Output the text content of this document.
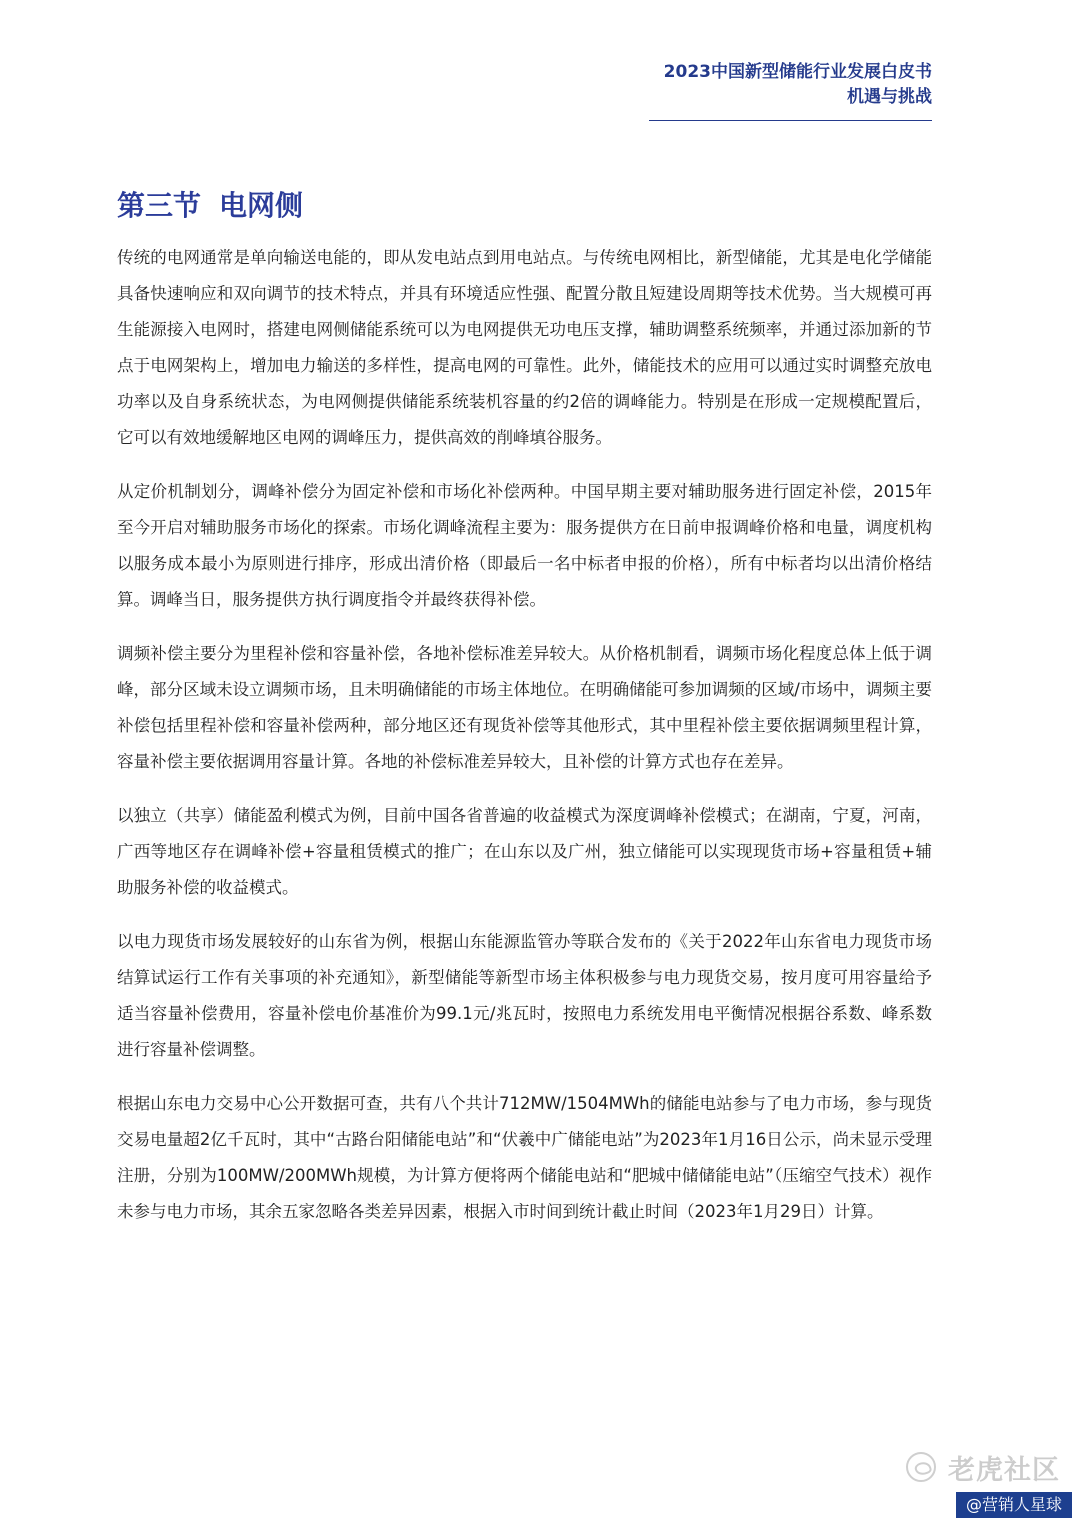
2023中国新型储能行业发展白皮书
机遇与挑战
第三节 电网侧

传统的电网通常是单向输送电能的，即从发电站点到用电站点。与传统电网相比，新型储能，尤其是电化学储能具备快速响应和双向调节的技术特点，并具有环境适应性强、配置分散且短建设周期等技术优势。当大规模可再生能源接入电网时，搭建电网侧储能系统可以为电网提供无功电压支撑，辅助调整系统频率，并通过添加新的节点于电网架构上，增加电力输送的多样性，提高电网的可靠性。此外，储能技术的应用可以通过实时调整充放电功率以及自身系统状态，为电网侧提供储能系统装机容量的约2倍的调峰能力。特别是在形成一定规模配置后，它可以有效地缓解地区电网的调峰压力，提供高效的削峰填谷服务。

从定价机制划分，调峰补偿分为固定补偿和市场化补偿两种。中国早期主要对辅助服务进行固定补偿，2015年至今开启对辅助服务市场化的探索。市场化调峰流程主要为：服务提供方在日前申报调峰价格和电量，调度机构以服务成本最小为原则进行排序，形成出清价格（即最后一名中标者申报的价格），所有中标者均以出清价格结算。调峰当日，服务提供方执行调度指令并最终获得补偿。

调频补偿主要分为里程补偿和容量补偿，各地补偿标准差异较大。从价格机制看，调频市场化程度总体上低于调峰，部分区域未设立调频市场，且未明确储能的市场主体地位。在明确储能可参加调频的区域/市场中，调频主要补偿包括里程补偿和容量补偿两种，部分地区还有现货补偿等其他形式，其中里程补偿主要依据调频里程计算，容量补偿主要依据调用容量计算。各地的补偿标准差异较大，且补偿的计算方式也存在差异。

以独立（共享）储能盈利模式为例，目前中国各省普遍的收益模式为深度调峰补偿模式；在湖南，宁夏，河南，广西等地区存在调峰补偿+容量租赁模式的推广；在山东以及广州，独立储能可以实现现货市场+容量租赁+辅助服务补偿的收益模式。

以电力现货市场发展较好的山东省为例，根据山东能源监管办等联合发布的《关于2022年山东省电力现货市场结算试运行工作有关事项的补充通知》，新型储能等新型市场主体积极参与电力现货交易，按月度可用容量给予适当容量补偿费用，容量补偿电价基准价为99.1元/兆瓦时，按照电力系统发用电平衡情况根据谷系数、峰系数进行容量补偿调整。

根据山东电力交易中心公开数据可查，共有八个共计712MW/1504MWh的储能电站参与了电力市场，参与现货交易电量超2亿千瓦时，其中“古路台阳储能电站”和“伏羲中广储能电站”为2023年1月16日公示，尚未显示受理注册，分别为100MW/200MWh规模，为计算方便将两个储能电站和“肥城中储储能电站”（压缩空气技术）视作未参与电力市场，其余五家忽略各类差异因素，根据入市时间到统计截止时间（2023年1月29日）计算。

老虎社区
@营销人星球
